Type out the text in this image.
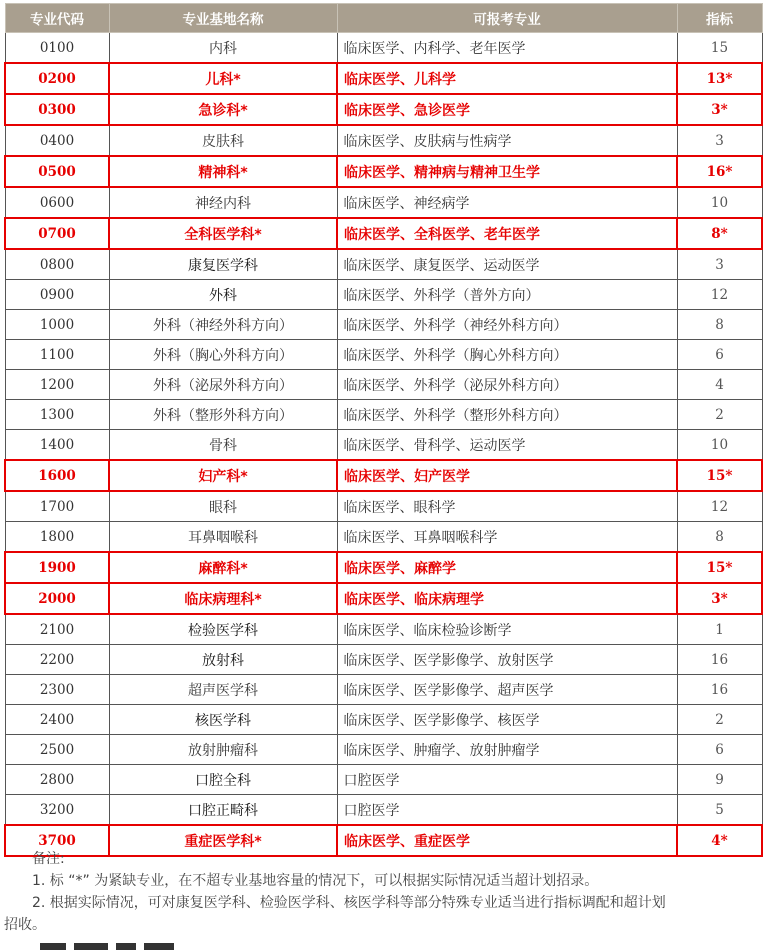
专业代码	专业基地名称	可报考专业	指标
0100	内科	临床医学、内科学、老年医学	15
0200	儿科*	临床医学、儿科学	13*
0300	急诊科*	临床医学、急诊医学	3*
0400	皮肤科	临床医学、皮肤病与性病学	3
0500	精神科*	临床医学、精神病与精神卫生学	16*
0600	神经内科	临床医学、神经病学	10
0700	全科医学科*	临床医学、全科医学、老年医学	8*
0800	康复医学科	临床医学、康复医学、运动医学	3
0900	外科	临床医学、外科学（普外方向）	12
1000	外科（神经外科方向）	临床医学、外科学（神经外科方向）	8
1100	外科（胸心外科方向）	临床医学、外科学（胸心外科方向）	6
1200	外科（泌尿外科方向）	临床医学、外科学（泌尿外科方向）	4
1300	外科（整形外科方向）	临床医学、外科学（整形外科方向）	2
1400	骨科	临床医学、骨科学、运动医学	10
1600	妇产科*	临床医学、妇产医学	15*
1700	眼科	临床医学、眼科学	12
1800	耳鼻咽喉科	临床医学、耳鼻咽喉科学	8
1900	麻醉科*	临床医学、麻醉学	15*
2000	临床病理科*	临床医学、临床病理学	3*
2100	检验医学科	临床医学、临床检验诊断学	1
2200	放射科	临床医学、医学影像学、放射医学	16
2300	超声医学科	临床医学、医学影像学、超声医学	16
2400	核医学科	临床医学、医学影像学、核医学	2
2500	放射肿瘤科	临床医学、肿瘤学、放射肿瘤学	6
2800	口腔全科	口腔医学	9
3200	口腔正畸科	口腔医学	5
3700	重症医学科*	临床医学、重症医学	4*
备注:
1. 标 “*” 为紧缺专业，在不超专业基地容量的情况下，可以根据实际情况适当超计划招录。
2. 根据实际情况，可对康复医学科、检验医学科、核医学科等部分特殊专业适当进行指标调配和超计划
招收。
